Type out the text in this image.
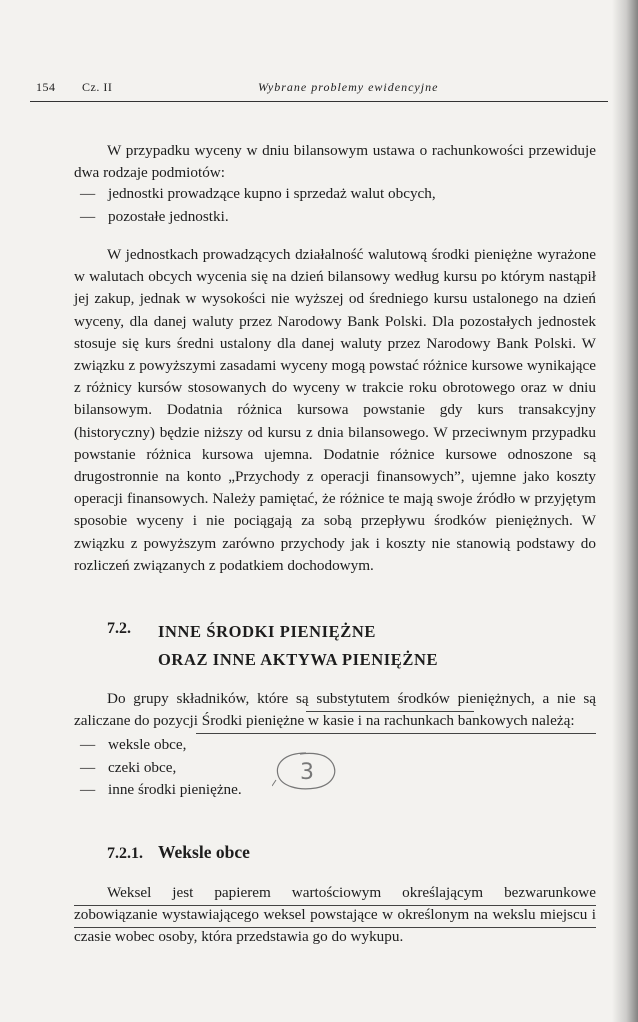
154 Cz. II	Wybrane problemy ewidencyjne

W przypadku wyceny w dniu bilansowym ustawa o rachunkowości przewiduje dwa rodzaje podmiotów:

— jednostki prowadzące kupno i sprzedaż walut obcych,
— pozostałe jednostki.

W jednostkach prowadzących działalność walutową środki pieniężne wyrażone w walutach obcych wycenia się na dzień bilansowy według kursu po którym nastąpił jej zakup, jednak w wysokości nie wyższej od średniego kursu ustalonego na dzień wyceny, dla danej waluty przez Narodowy Bank Polski. Dla pozostałych jednostek stosuje się kurs średni ustalony dla danej waluty przez Narodowy Bank Polski. W związku z powyższymi zasadami wyceny mogą powstać różnice kursowe wynikające z różnicy kursów stosowanych do wyceny w trakcie roku obrotowego oraz w dniu bilansowym. Dodatnia różnica kursowa powstanie gdy kurs transakcyjny (historyczny) będzie niższy od kursu z dnia bilansowego. W przeciwnym przypadku powstanie różnica kursowa ujemna. Dodatnie różnice kursowe odnoszone są drugostronnie na konto „Przychody z operacji finansowych”, ujemne jako koszty operacji finansowych. Należy pamiętać, że różnice te mają swoje źródło w przyjętym sposobie wyceny i nie pociągają za sobą przepływu środków pieniężnych. W związku z powyższym zarówno przychody jak i koszty nie stanowią podstawy do rozliczeń związanych z podatkiem dochodowym.

7.2. INNE ŚRODKI PIENIĘŻNE
ORAZ INNE AKTYWA PIENIĘŻNE

Do grupy składników, które są substytutem środków pieniężnych, a nie są zaliczane do pozycji Środki pieniężne w kasie i na rachunkach bankowych należą:

— weksle obce,
— czeki obce,
— inne środki pieniężne.
3
7.2.1. Weksle obce

Weksel jest papierem wartościowym określającym bezwarunkowe zobowiązanie wystawiającego weksel powstające w określonym na wekslu miejscu i czasie wobec osoby, która przedstawia go do wykupu.
